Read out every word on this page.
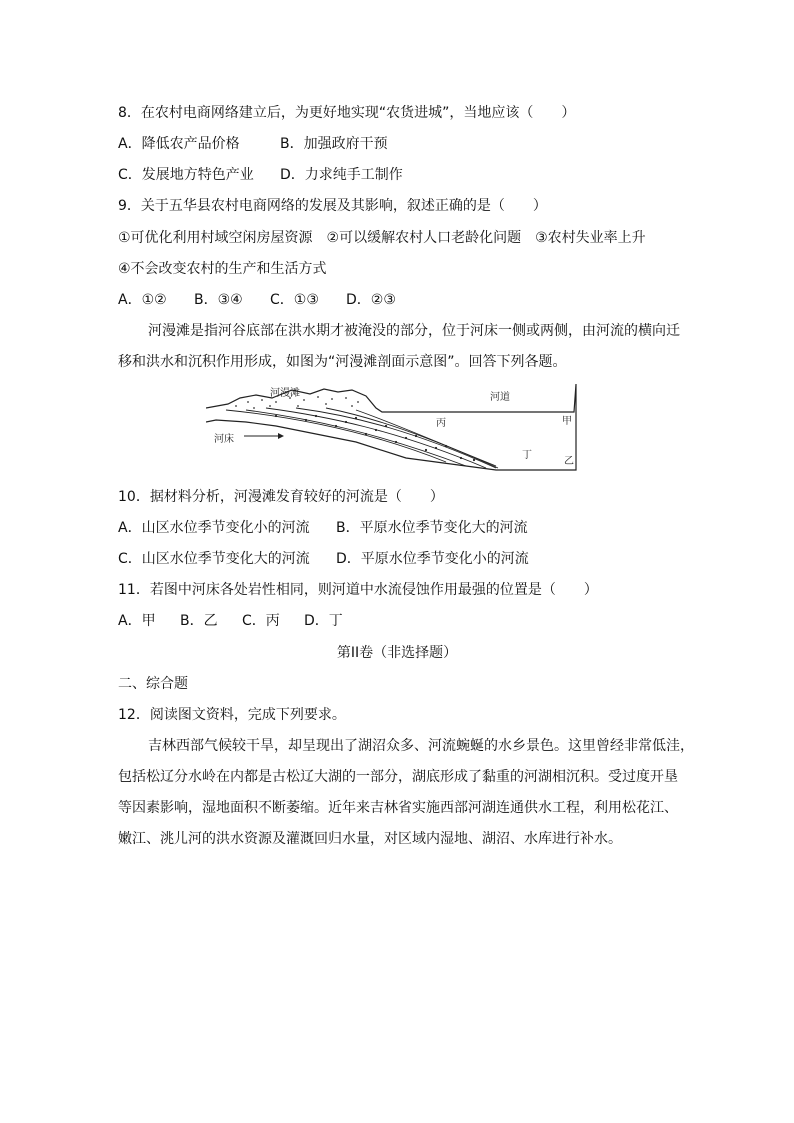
8．在农村电商网络建立后，为更好地实现“农货进城”，当地应该（　　）
A．降低农产品价格	B．加强政府干预
C．发展地方特色产业 D．力求纯手工制作
9．关于五华县农村电商网络的发展及其影响，叙述正确的是（　　）
①可优化利用村域空闲房屋资源　②可以缓解农村人口老龄化问题　③农村失业率上升
④不会改变农村的生产和生活方式
A．①② B．③④ C．①③ D．②③
河漫滩是指河谷底部在洪水期才被淹没的部分，位于河床一侧或两侧，由河流的横向迁
移和洪水和沉积作用形成，如图为“河漫滩剖面示意图”。回答下列各题。
河漫滩	河道
河床
甲
乙
丙
丁
10．据材料分析，河漫滩发育较好的河流是（　　）
A．山区水位季节变化小的河流 B．平原水位季节变化大的河流
C．山区水位季节变化大的河流 D．平原水位季节变化小的河流
11．若图中河床各处岩性相同，则河道中水流侵蚀作用最强的位置是（　　）
A．甲 B．乙 C．丙 D．丁
第II卷（非选择题）
二、综合题
12．阅读图文资料，完成下列要求。
吉林西部气候较干旱，却呈现出了湖沼众多、河流蜿蜒的水乡景色。这里曾经非常低洼，
包括松辽分水岭在内都是古松辽大湖的一部分，湖底形成了黏重的河湖相沉积。受过度开垦
等因素影响，湿地面积不断萎缩。近年来吉林省实施西部河湖连通供水工程，利用松花江、
嫩江、洮儿河的洪水资源及灌溉回归水量，对区域内湿地、湖沼、水库进行补水。
